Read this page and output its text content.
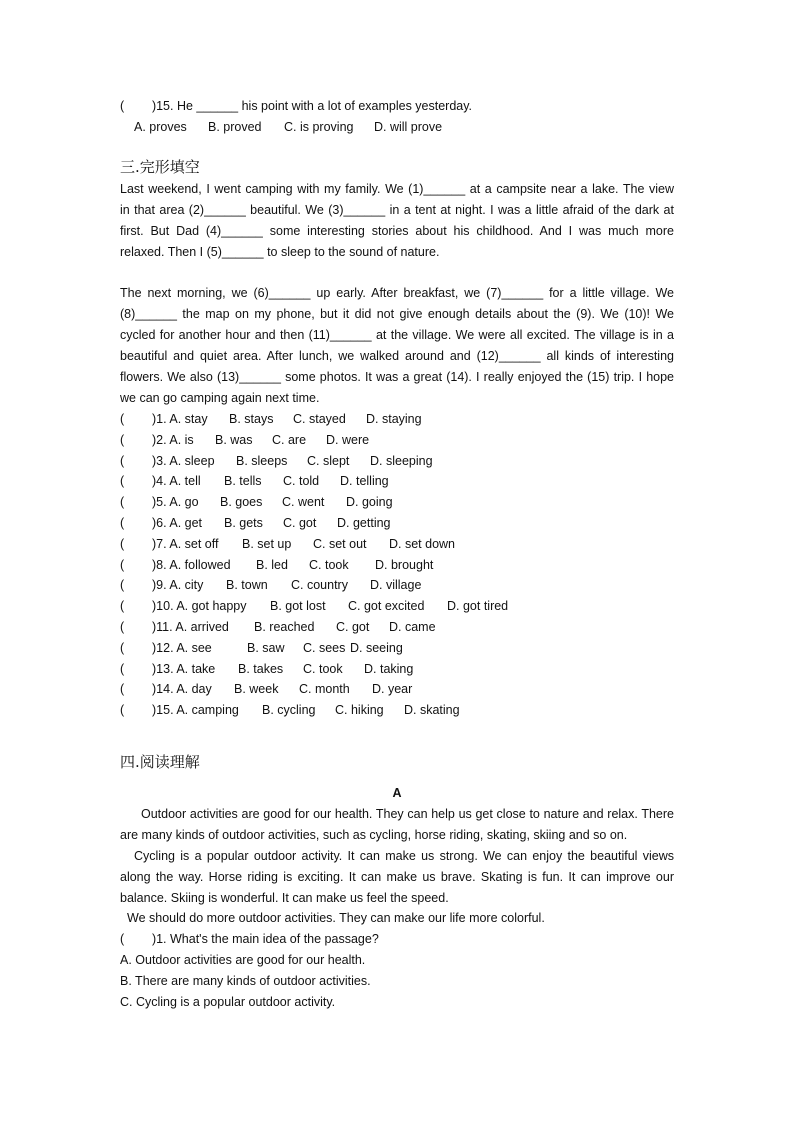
(        )15. He ______ his point with a lot of examples yesterday.
A. proves B. proved C. is proving D. will prove
三.完形填空
Last weekend, I went camping with my family. We (1)______ at a campsite near a lake. The view
in that area (2)______ beautiful. We (3)______ in a tent at night. I was a little afraid of the dark at
first. But Dad (4)______ some interesting stories about his childhood. And I was much more
relaxed. Then I (5)______ to sleep to the sound of nature.
The next morning, we (6)______ up early. After breakfast, we (7)______ for a little village. We
(8)______ the map on my phone, but it did not give enough details about the (9). We (10)! We
cycled for another hour and then (11)______ at the village. We were all excited. The village is in a
beautiful and quiet area. After lunch, we walked around and (12)______ all kinds of interesting
flowers. We also (13)______ some photos. It was a great (14). I really enjoyed the (15) trip. I hope
we can go camping again next time.
( )1. A. stay B. stays C. stayed D. staying
( )2. A. is B. was C. are D. were
( )3. A. sleep B. sleeps C. slept D. sleeping
( )4. A. tell B. tells C. told D. telling
( )5. A. go B. goes C. went D. going
( )6. A. get B. gets C. got D. getting
( )7. A. set off B. set up C. set out D. set down
( )8. A. followed B. led C. took D. brought
( )9. A. city B. town C. country D. village
( )10. A. got happy B. got lost C. got excited D. got tired
( )11. A. arrived B. reached C. got D. came
( )12. A. see	B. saw C. sees D. seeing
( )13. A. take B. takes C. took D. taking
( )14. A. day B. week C. month D. year
( )15. A. camping B. cycling C. hiking D. skating
四.阅读理解
A
Outdoor activities are good for our health. They can help us get close to nature and relax. There
are many kinds of outdoor activities, such as cycling, horse riding, skating, skiing and so on.
Cycling is a popular outdoor activity. It can make us strong. We can enjoy the beautiful views
along the way. Horse riding is exciting. It can make us brave. Skating is fun. It can improve our
balance. Skiing is wonderful. It can make us feel the speed.
We should do more outdoor activities. They can make our life more colorful.
(        )1. What's the main idea of the passage?
A. Outdoor activities are good for our health.
B. There are many kinds of outdoor activities.
C. Cycling is a popular outdoor activity.
